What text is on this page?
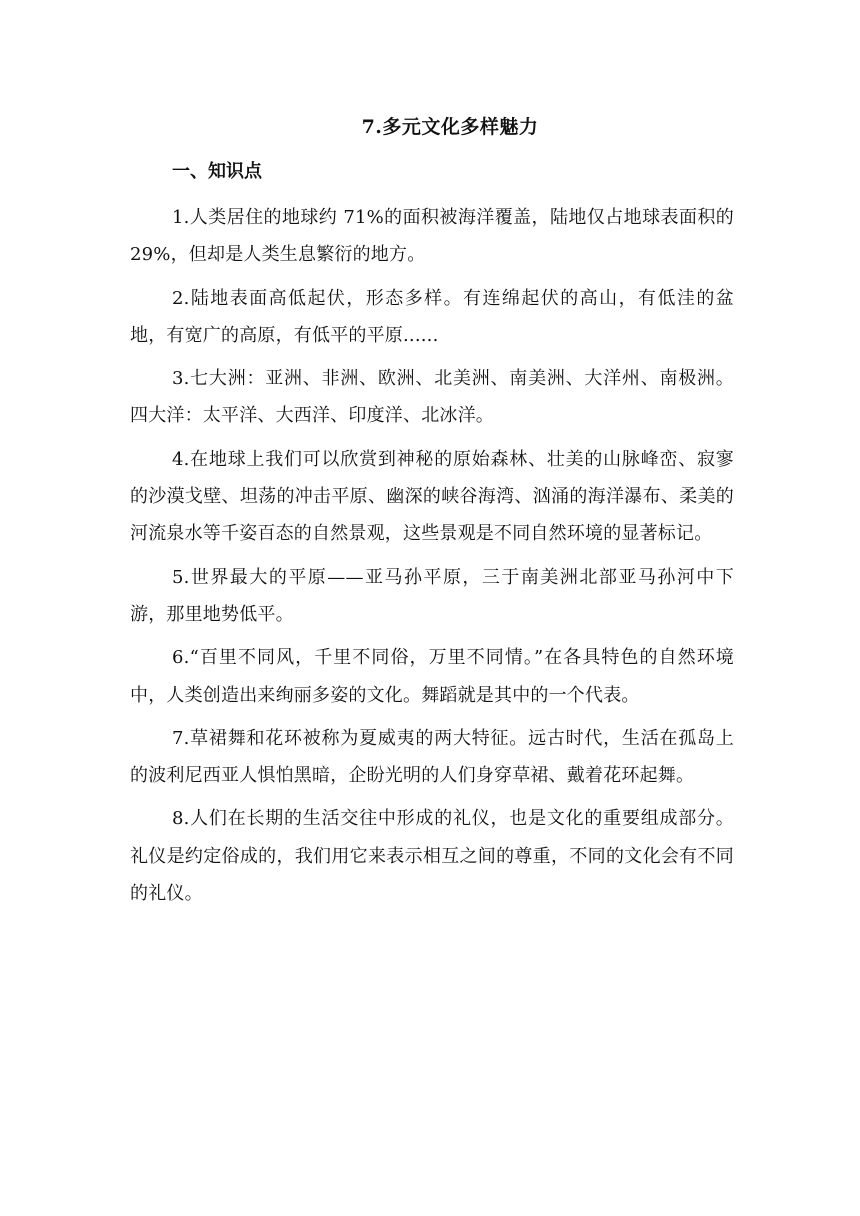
7.多元文化多样魅力
一、知识点

1.人类居住的地球约 71%的面积被海洋覆盖，陆地仅占地球表面积的 29%，但却是人类生息繁衍的地方。

2.陆地表面高低起伏，形态多样。有连绵起伏的高山，有低洼的盆地，有宽广的高原，有低平的平原......

3.七大洲：亚洲、非洲、欧洲、北美洲、南美洲、大洋州、南极洲。四大洋：太平洋、大西洋、印度洋、北冰洋。

4.在地球上我们可以欣赏到神秘的原始森林、壮美的山脉峰峦、寂寥的沙漠戈壁、坦荡的冲击平原、幽深的峡谷海湾、汹涌的海洋瀑布、柔美的河流泉水等千姿百态的自然景观，这些景观是不同自然环境的显著标记。

5.世界最大的平原——亚马孙平原，三于南美洲北部亚马孙河中下游，那里地势低平。

6.“百里不同风，千里不同俗，万里不同情。”在各具特色的自然环境中，人类创造出来绚丽多姿的文化。舞蹈就是其中的一个代表。

7.草裙舞和花环被称为夏威夷的两大特征。远古时代，生活在孤岛上的波利尼西亚人惧怕黑暗，企盼光明的人们身穿草裙、戴着花环起舞。

8.人们在长期的生活交往中形成的礼仪，也是文化的重要组成部分。礼仪是约定俗成的，我们用它来表示相互之间的尊重，不同的文化会有不同的礼仪。
